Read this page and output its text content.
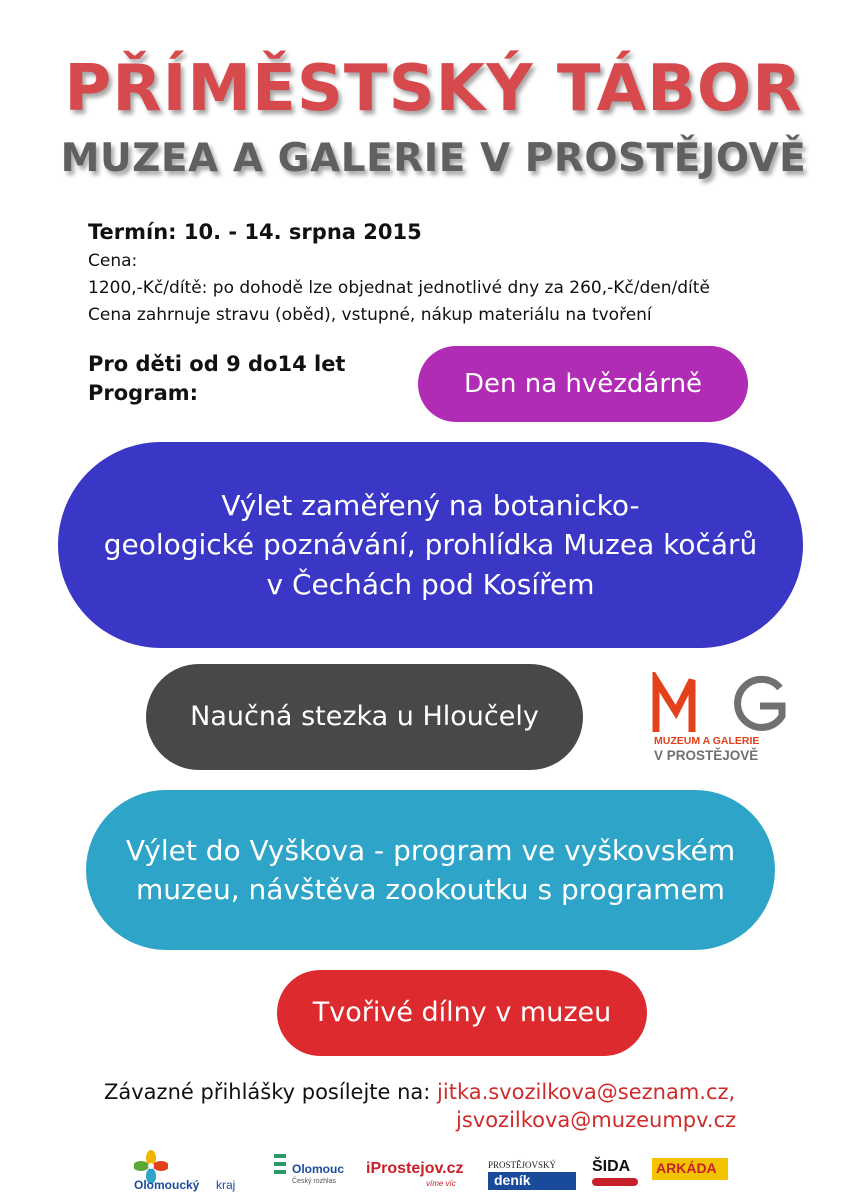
PŘÍMĚSTSKÝ TÁBOR
MUZEA A GALERIE V PROSTĚJOVĚ
Termín: 10. - 14. srpna 2015
Cena:
1200,-Kč/dítě: po dohodě lze objednat jednotlivé dny za 260,-Kč/den/dítě
Cena zahrnuje stravu (oběd), vstupné, nákup materiálu na tvoření
Pro děti od 9 do14 let
Program:	Den na hvězdárně
Výlet zaměřený na botanicko-
geologické poznávání, prohlídka Muzea kočárů
v Čechách pod Kosířem
Naučná stezka u Hloučely
MUZEUM A GALERIE
V PROSTĚJOVĚ
Výlet do Vyškova - program ve vyškovském
muzeu, návštěva zookoutku s programem
Tvořivé dílny v muzeu
Závazné přihlášky posílejte na: jitka.svozilkova@seznam.cz,
jsvozilkova@muzeumpv.cz
Olomoucký kraj
Olomouc
Český rozhlas
iProstejov.cz
víme víc
PROSTĚJOVSKÝ
deník
ŠIDA ARKÁDA
